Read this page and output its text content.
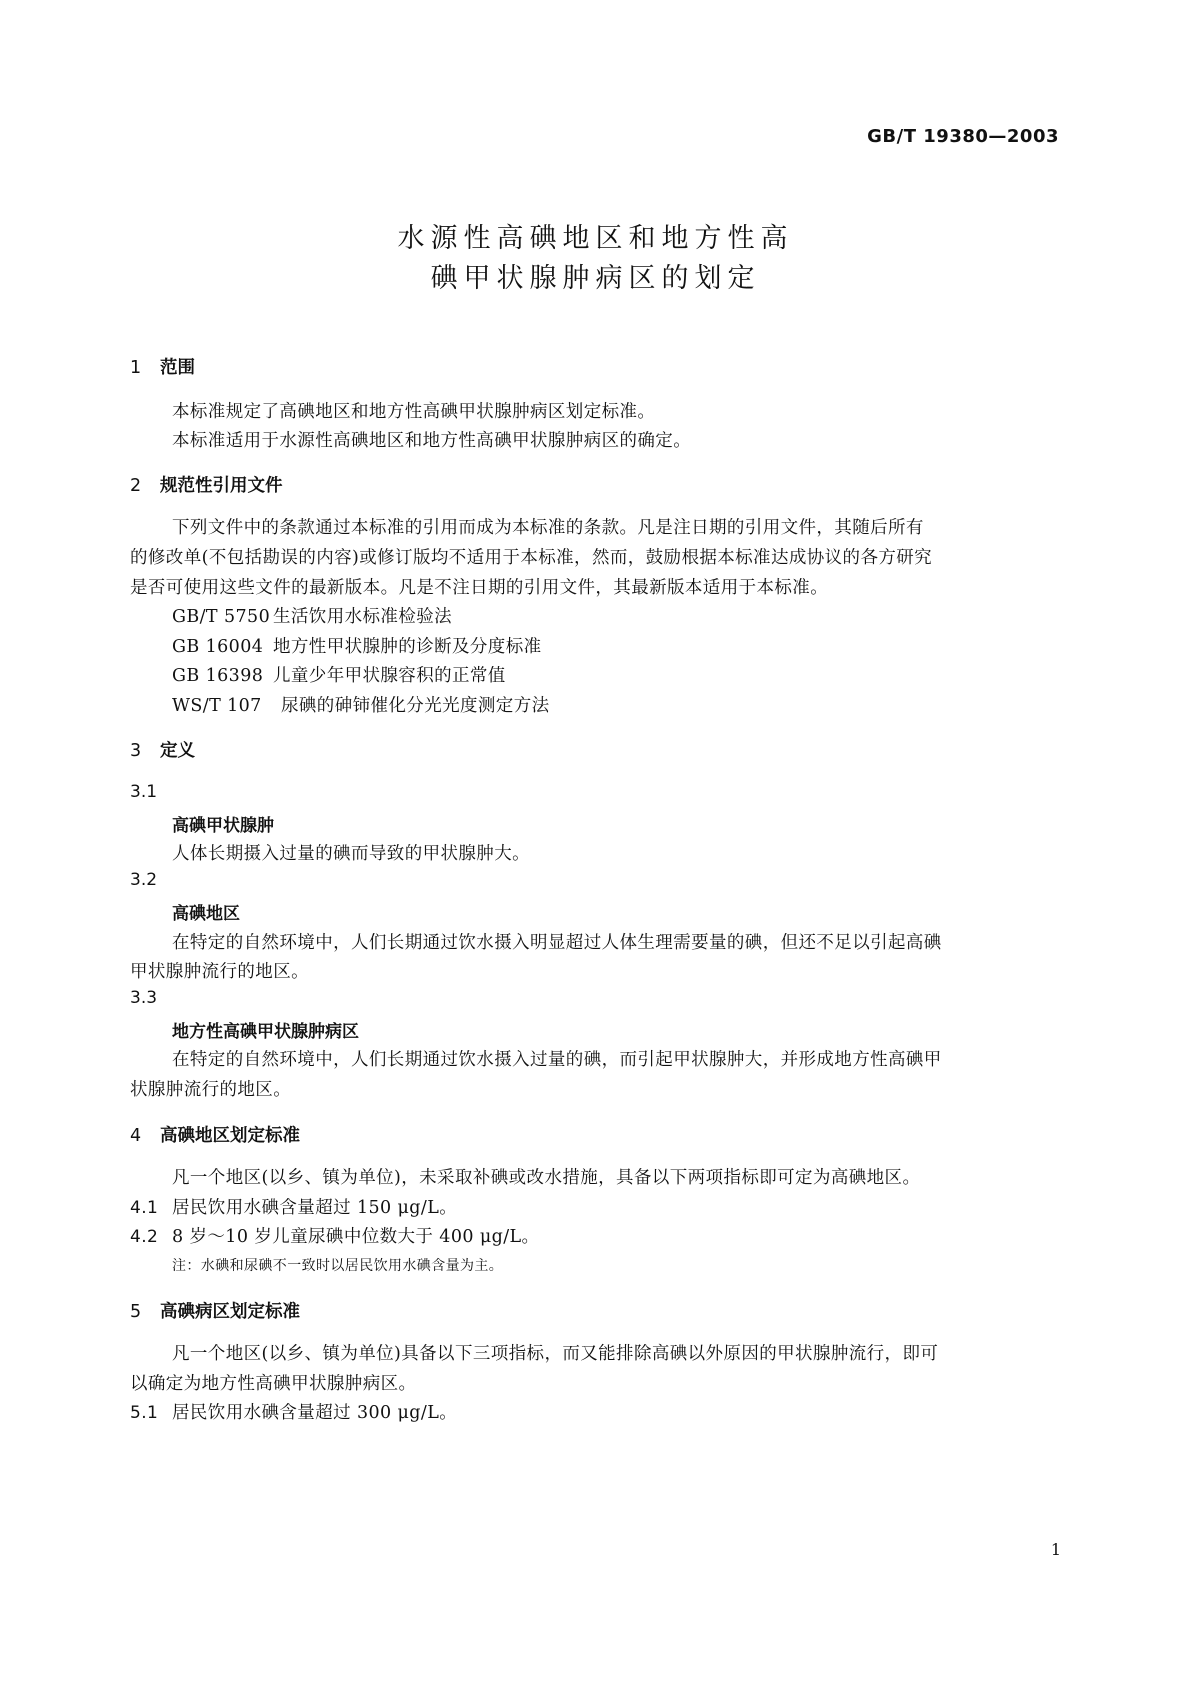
GB/T 19380—2003
水源性高碘地区和地方性高
碘甲状腺肿病区的划定
1 范围
本标准规定了高碘地区和地方性高碘甲状腺肿病区划定标准。
本标准适用于水源性高碘地区和地方性高碘甲状腺肿病区的确定。
2 规范性引用文件
下列文件中的条款通过本标准的引用而成为本标准的条款。凡是注日期的引用文件，其随后所有
的修改单(不包括勘误的内容)或修订版均不适用于本标准，然而，鼓励根据本标准达成协议的各方研究
是否可使用这些文件的最新版本。凡是不注日期的引用文件，其最新版本适用于本标准。
GB/T 5750 生活饮用水标准检验法
GB 16004 地方性甲状腺肿的诊断及分度标准
GB 16398 儿童少年甲状腺容积的正常值
WS/T 107 尿碘的砷铈催化分光光度测定方法
3 定义
3.1
高碘甲状腺肿
人体长期摄入过量的碘而导致的甲状腺肿大。
3.2
高碘地区
在特定的自然环境中，人们长期通过饮水摄入明显超过人体生理需要量的碘，但还不足以引起高碘
甲状腺肿流行的地区。
3.3
地方性高碘甲状腺肿病区
在特定的自然环境中，人们长期通过饮水摄入过量的碘，而引起甲状腺肿大，并形成地方性高碘甲
状腺肿流行的地区。
4 高碘地区划定标准
凡一个地区(以乡、镇为单位)，未采取补碘或改水措施，具备以下两项指标即可定为高碘地区。
4.1 居民饮用水碘含量超过 150 μg/L。
4.2 8 岁～10 岁儿童尿碘中位数大于 400 μg/L。
注：水碘和尿碘不一致时以居民饮用水碘含量为主。
5 高碘病区划定标准
凡一个地区(以乡、镇为单位)具备以下三项指标，而又能排除高碘以外原因的甲状腺肿流行，即可
以确定为地方性高碘甲状腺肿病区。
5.1 居民饮用水碘含量超过 300 μg/L。
1
